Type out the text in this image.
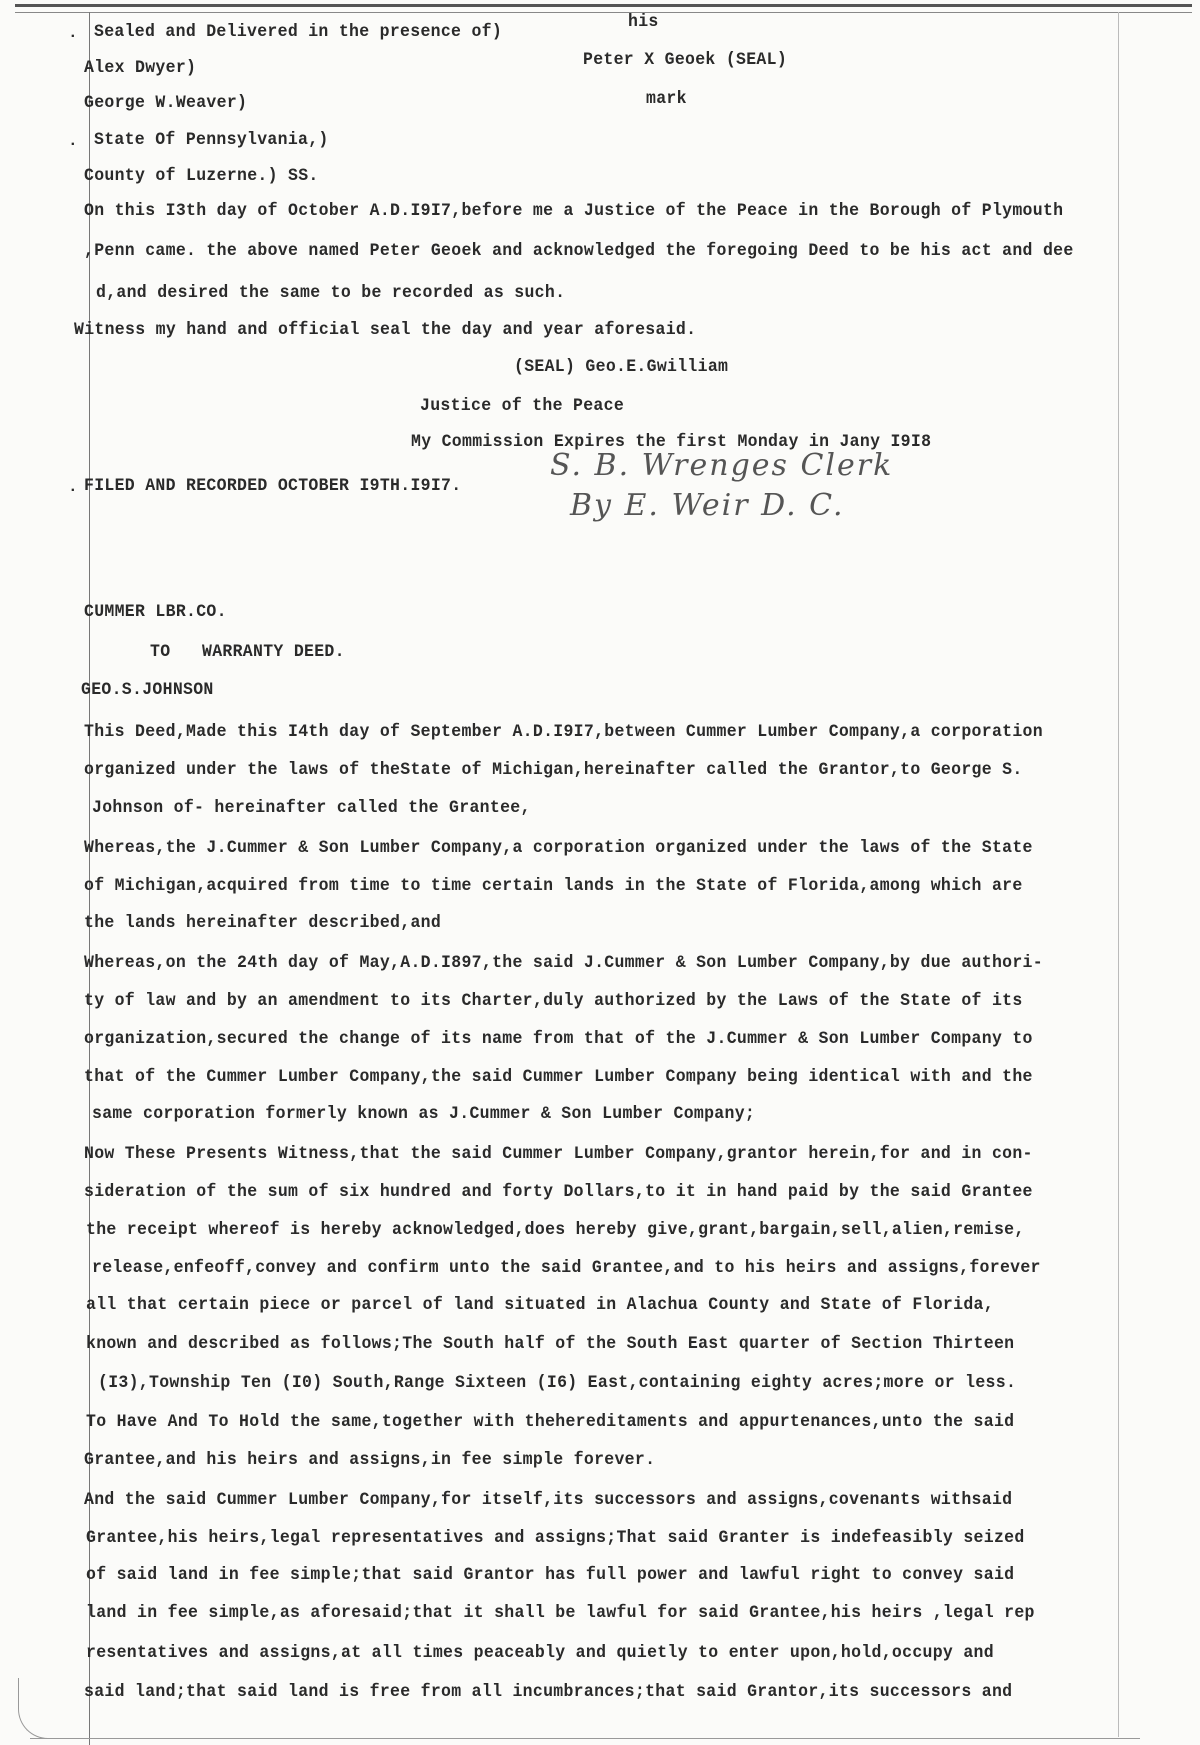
his
. Sealed and Delivered in the presence of)
Alex Dwyer)	Peter X Geoek (SEAL)
George W.Weaver)	mark
. State Of Pennsylvania,)
County of Luzerne.) SS.
On this I3th day of October A.D.I9I7,before me a Justice of the Peace in the Borough of Plymouth
,Penn came. the above named Peter Geoek and acknowledged the foregoing Deed to be his act and dee
d,and desired the same to be recorded as such.
Witness my hand and official seal the day and year aforesaid.
(SEAL) Geo.E.Gwilliam
Justice of the Peace
My Commission Expires the first Monday in Jany I9I8
. FILED AND RECORDED OCTOBER I9TH.I9I7.
S. B. Wrenges Clerk
By E. Weir D. C.
CUMMER LBR.CO.
TO WARRANTY DEED.
GEO.S.JOHNSON
This Deed,Made this I4th day of September A.D.I9I7,between Cummer Lumber Company,a corporation
organized under the laws of theState of Michigan,hereinafter called the Grantor,to George S.
Johnson of- hereinafter called the Grantee,
Whereas,the J.Cummer & Son Lumber Company,a corporation organized under the laws of the State
of Michigan,acquired from time to time certain lands in the State of Florida,among which are
the lands hereinafter described,and
Whereas,on the 24th day of May,A.D.I897,the said J.Cummer & Son Lumber Company,by due authori-
ty of law and by an amendment to its Charter,duly authorized by the Laws of the State of its
organization,secured the change of its name from that of the J.Cummer & Son Lumber Company to
that of the Cummer Lumber Company,the said Cummer Lumber Company being identical with and the
same corporation formerly known as J.Cummer & Son Lumber Company;
Now These Presents Witness,that the said Cummer Lumber Company,grantor herein,for and in con-
sideration of the sum of six hundred and forty Dollars,to it in hand paid by the said Grantee
the receipt whereof is hereby acknowledged,does hereby give,grant,bargain,sell,alien,remise,
release,enfeoff,convey and confirm unto the said Grantee,and to his heirs and assigns,forever
all that certain piece or parcel of land situated in Alachua County and State of Florida,
known and described as follows;The South half of the South East quarter of Section Thirteen
(I3),Township Ten (I0) South,Range Sixteen (I6) East,containing eighty acres;more or less.
To Have And To Hold the same,together with thehereditaments and appurtenances,unto the said
Grantee,and his heirs and assigns,in fee simple forever.
And the said Cummer Lumber Company,for itself,its successors and assigns,covenants withsaid
Grantee,his heirs,legal representatives and assigns;That said Granter is indefeasibly seized
of said land in fee simple;that said Grantor has full power and lawful right to convey said
land in fee simple,as aforesaid;that it shall be lawful for said Grantee,his heirs ,legal rep
resentatives and assigns,at all times peaceably and quietly to enter upon,hold,occupy and
said land;that said land is free from all incumbrances;that said Grantor,its successors and
